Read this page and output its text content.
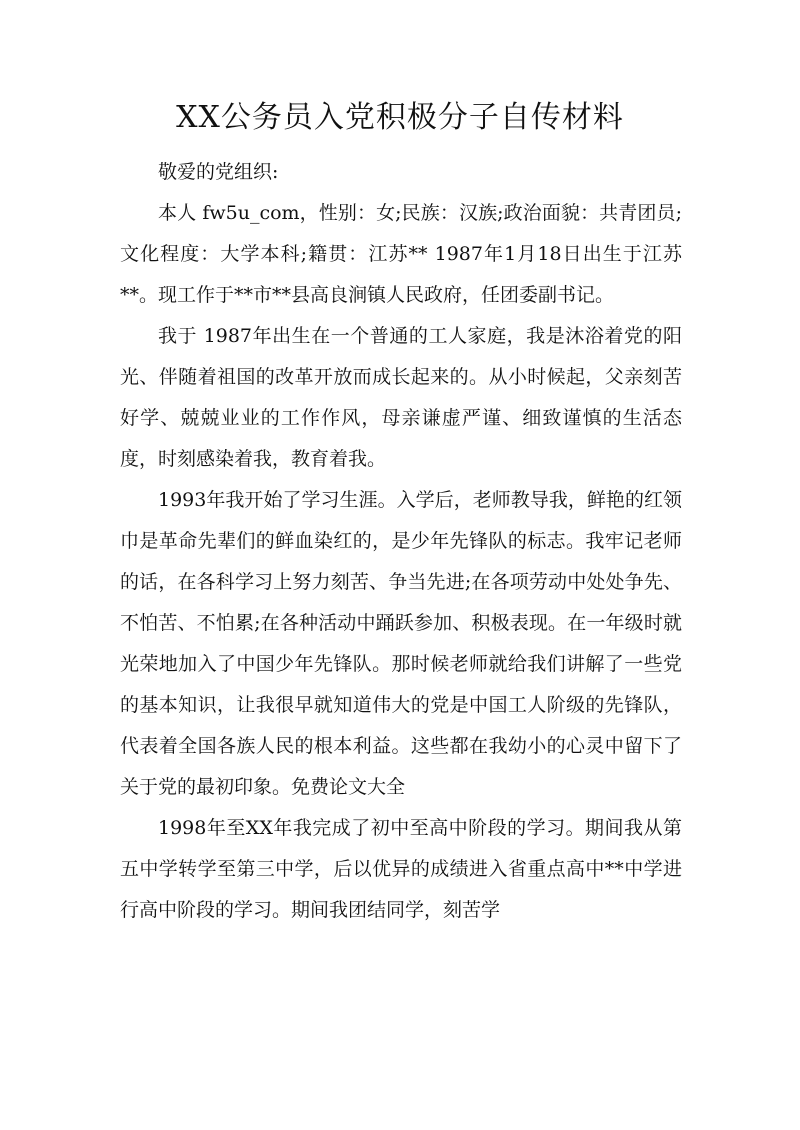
XX公务员入党积极分子自传材料

敬爱的党组织:

本人 fw5u_com，性别：女;民族：汉族;政治面貌：共青团员;文化程度：大学本科;籍贯：江苏** 1987年1月18日出生于江苏**。现工作于**市**县高良涧镇人民政府，任团委副书记。

我于 1987年出生在一个普通的工人家庭，我是沐浴着党的阳光、伴随着祖国的改革开放而成长起来的。从小时候起，父亲刻苦好学、兢兢业业的工作作风，母亲谦虚严谨、细致谨慎的生活态度，时刻感染着我，教育着我。

1993年我开始了学习生涯。入学后，老师教导我，鲜艳的红领巾是革命先辈们的鲜血染红的，是少年先锋队的标志。我牢记老师的话，在各科学习上努力刻苦、争当先进;在各项劳动中处处争先、不怕苦、不怕累;在各种活动中踊跃参加、积极表现。在一年级时就光荣地加入了中国少年先锋队。那时候老师就给我们讲解了一些党的基本知识，让我很早就知道伟大的党是中国工人阶级的先锋队，代表着全国各族人民的根本利益。这些都在我幼小的心灵中留下了关于党的最初印象。免费论文大全

1998年至XX年我完成了初中至高中阶段的学习。期间我从第五中学转学至第三中学，后以优异的成绩进入省重点高中**中学进行高中阶段的学习。期间我团结同学，刻苦学
